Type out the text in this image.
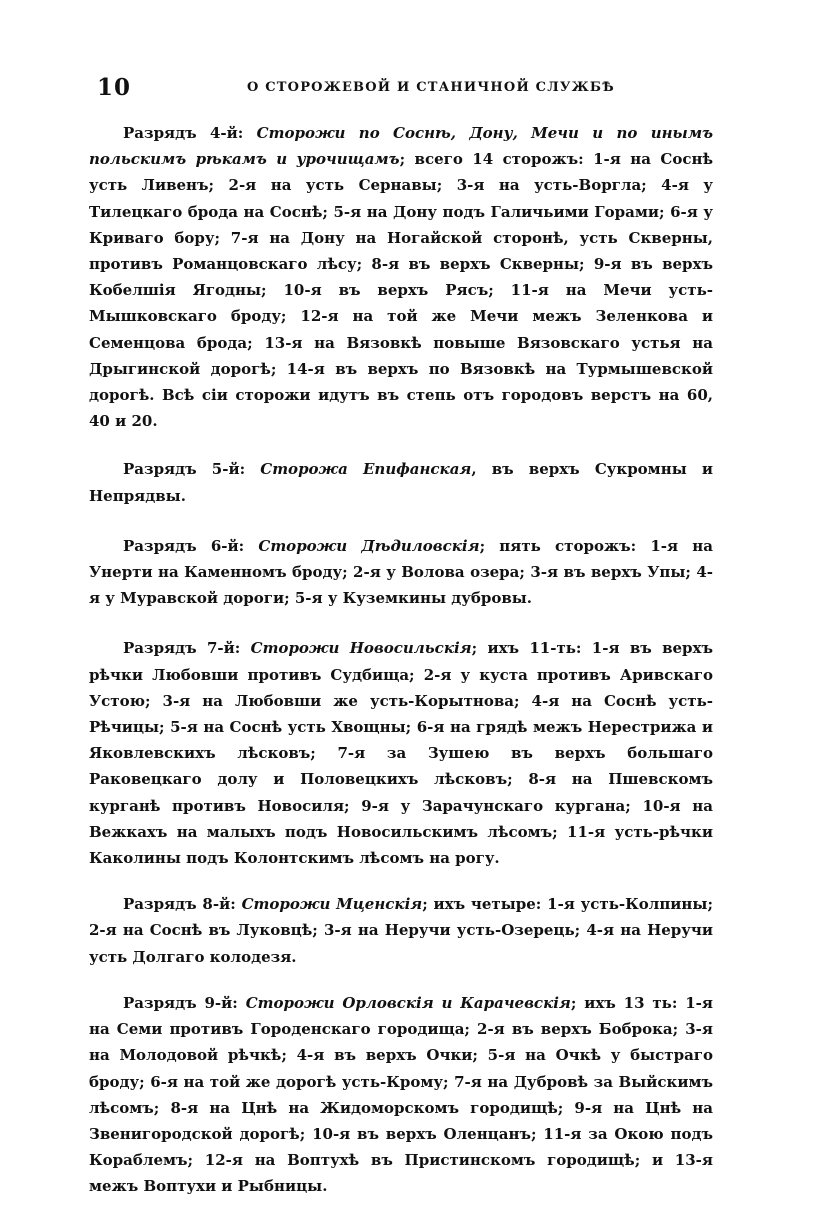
10	О СТОРОЖЕВОЙ И СТАНИЧНОЙ СЛУЖБѢ

Разрядъ 4-й: Сторожи по Соснѣ, Дону, Мечи и по инымъ польскимъ рѣкамъ и урочищамъ; всего 14 сторожъ: 1-я на Соснѣ усть Ливенъ; 2-я на усть Сернавы; 3-я на усть-Воргла; 4-я у Тилецкаго брода на Соснѣ; 5-я на Дону подъ Галичьими Горами; 6-я у Криваго бору; 7-я на Дону на Ногайской сторонѣ, усть Скверны, противъ Романцовскаго лѣсу; 8-я въ верхъ Скверны; 9-я въ верхъ Кобелшія Ягодны; 10-я въ верхъ Рясъ; 11-я на Мечи усть-Мышковскаго броду; 12-я на той же Мечи межъ Зеленкова и Семенцова брода; 13-я на Вязовкѣ повыше Вязовскаго устья на Дрыгинской дорогѣ; 14-я въ верхъ по Вязовкѣ на Турмышевской дорогѣ. Всѣ сіи сторожи идутъ въ степь отъ городовъ верстъ на 60, 40 и 20.

Разрядъ 5-й: Сторожа Епифанская, въ верхъ Сукромны и Непрядвы.

Разрядъ 6-й: Сторожи Дѣдиловскія; пять сторожъ: 1-я на Унерти на Каменномъ броду; 2-я у Волова озера; 3-я въ верхъ Упы; 4-я у Муравской дороги; 5-я у Куземкины дубровы.

Разрядъ 7-й: Сторожи Новосильскія; ихъ 11-ть: 1-я въ верхъ рѣчки Любовши противъ Судбища; 2-я у куста противъ Аривскаго Устою; 3-я на Любовши же усть-Корытнова; 4-я на Соснѣ усть-Рѣчицы; 5-я на Соснѣ усть Хвощны; 6-я на грядѣ межъ Нерестрижа и Яковлевскихъ лѣсковъ; 7-я за Зушею въ верхъ большаго Раковецкаго долу и Половецкихъ лѣсковъ; 8-я на Пшевскомъ курганѣ противъ Новосиля; 9-я у Зарачунскаго кургана; 10-я на Вежкахъ на малыхъ подъ Новосильскимъ лѣсомъ; 11-я усть-рѣчки Каколины подъ Колонтскимъ лѣсомъ на рогу.

Разрядъ 8-й: Сторожи Мценскія; ихъ четыре: 1-я усть-Колпины; 2-я на Соснѣ въ Луковцѣ; 3-я на Неручи усть-Озерець; 4-я на Неручи усть Долгаго колодезя.

Разрядъ 9-й: Сторожи Орловскія и Карачевскія; ихъ 13 ть: 1-я на Семи противъ Городенскаго городища; 2-я въ верхъ Боброка; 3-я на Молодовой рѣчкѣ; 4-я въ верхъ Очки; 5-я на Очкѣ у быстраго броду; 6-я на той же дорогѣ усть-Крому; 7-я на Дубровѣ за Выйскимъ лѣсомъ; 8-я на Цнѣ на Жидоморскомъ городищѣ; 9-я на Цнѣ на Звенигородской дорогѣ; 10-я въ верхъ Оленцанъ; 11-я за Окою подъ Кораблемъ; 12-я на Воптухѣ въ Пристинскомъ городищѣ; и 13-я межъ Воптухи и Рыбницы.
